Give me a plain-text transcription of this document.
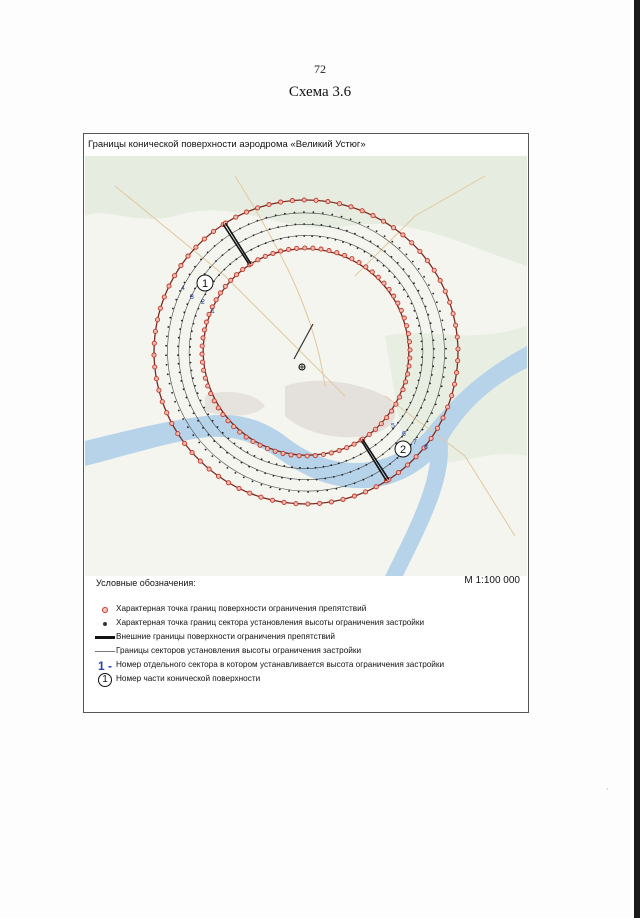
72
Схема 3.6
Границы конической поверхности аэродрома «Великий Устюг»
1
2
4
3
2
1
5
6
7
8
М 1:100 000
Условные обозначения:
Характерная точка границ поверхности ограничения препятствий
Характерная точка границ сектора установления высоты ограничения застройки
Внешние границы поверхности ограничения препятствий
Границы секторов установления высоты ограничения застройки
1 - Номер отдельного сектора в котором устанавливается высота ограничения застройки
1	Номер части конической поверхности
·
